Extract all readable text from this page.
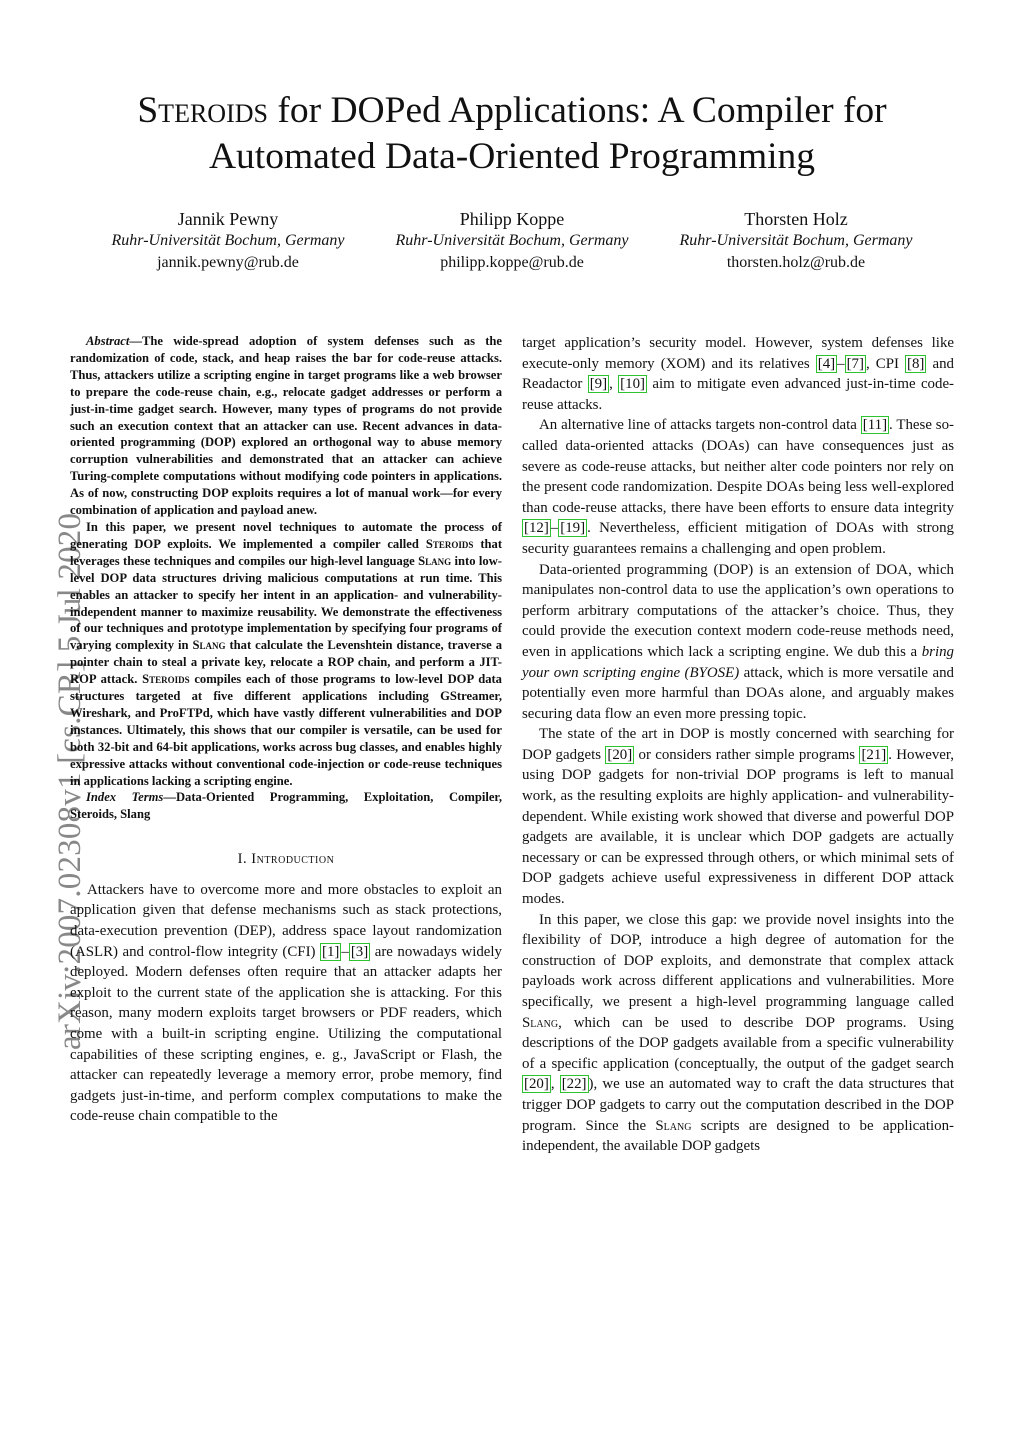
Steroids for DOPed Applications: A Compiler for
Automated Data-Oriented Programming
Jannik Pewny
Ruhr-Universität Bochum, Germany
jannik.pewny@rub.de
Philipp Koppe
Ruhr-Universität Bochum, Germany
philipp.koppe@rub.de
Thorsten Holz
Ruhr-Universität Bochum, Germany
thorsten.holz@rub.de
arXiv:2007.02308v1 [cs.CR] 5 Jul 2020

Abstract—The wide-spread adoption of system defenses such as the randomization of code, stack, and heap raises the bar for code-reuse attacks. Thus, attackers utilize a scripting engine in target programs like a web browser to prepare the code-reuse chain, e.g., relocate gadget addresses or perform a just-in-time gadget search. However, many types of programs do not provide such an execution context that an attacker can use. Recent advances in data-oriented programming (DOP) explored an orthogonal way to abuse memory corruption vulnerabilities and demonstrated that an attacker can achieve Turing-complete computations without modifying code pointers in applications. As of now, constructing DOP exploits requires a lot of manual work—for every combination of application and payload anew.

In this paper, we present novel techniques to automate the process of generating DOP exploits. We implemented a compiler called Steroids that leverages these techniques and compiles our high-level language Slang into low-level DOP data structures driving malicious computations at run time. This enables an attacker to specify her intent in an application- and vulnerability-independent manner to maximize reusability. We demonstrate the effectiveness of our techniques and prototype implementation by specifying four programs of varying complexity in Slang that calculate the Levenshtein distance, traverse a pointer chain to steal a private key, relocate a ROP chain, and perform a JIT-ROP attack. Steroids compiles each of those programs to low-level DOP data structures targeted at five different applications including GStreamer, Wireshark, and ProFTPd, which have vastly different vulnerabilities and DOP instances. Ultimately, this shows that our compiler is versatile, can be used for both 32-bit and 64-bit applications, works across bug classes, and enables highly expressive attacks without conventional code-injection or code-reuse techniques in applications lacking a scripting engine.

Index Terms—Data-Oriented Programming, Exploitation, Compiler, Steroids, Slang

I. Introduction

Attackers have to overcome more and more obstacles to exploit an application given that defense mechanisms such as stack protections, data-execution prevention (DEP), address space layout randomization (ASLR) and control-flow integrity (CFI) [1] – [3] are nowadays widely deployed. Modern defenses often require that an attacker adapts her exploit to the current state of the application she is attacking. For this reason, many modern exploits target browsers or PDF readers, which come with a built-in scripting engine. Utilizing the computational capabilities of these scripting engines, e. g., JavaScript or Flash, the attacker can repeatedly leverage a memory error, probe memory, find gadgets just-in-time, and perform complex computations to make the code-reuse chain compatible to the

target application’s security model. However, system defenses like execute-only memory (XOM) and its relatives [4] – [7] , CPI [8] and Readactor [9] , [10] aim to mitigate even advanced just-in-time code-reuse attacks.

An alternative line of attacks targets non-control data [11] . These so-called data-oriented attacks (DOAs) can have consequences just as severe as code-reuse attacks, but neither alter code pointers nor rely on the present code randomization. Despite DOAs being less well-explored than code-reuse attacks, there have been efforts to ensure data integrity [12] – [19] . Nevertheless, efficient mitigation of DOAs with strong security guarantees remains a challenging and open problem.

Data-oriented programming (DOP) is an extension of DOA, which manipulates non-control data to use the application’s own operations to perform arbitrary computations of the attacker’s choice. Thus, they could provide the execution context modern code-reuse methods need, even in applications which lack a scripting engine. We dub this a bring your own scripting engine (BYOSE) attack, which is more versatile and potentially even more harmful than DOAs alone, and arguably makes securing data flow an even more pressing topic.

The state of the art in DOP is mostly concerned with searching for DOP gadgets [20] or considers rather simple programs [21] . However, using DOP gadgets for non-trivial DOP programs is left to manual work, as the resulting exploits are highly application- and vulnerability-dependent. While existing work showed that diverse and powerful DOP gadgets are available, it is unclear which DOP gadgets are actually necessary or can be expressed through others, or which minimal sets of DOP gadgets achieve useful expressiveness in different DOP attack modes.

In this paper, we close this gap: we provide novel insights into the flexibility of DOP, introduce a high degree of automation for the construction of DOP exploits, and demonstrate that complex attack payloads work across different applications and vulnerabilities. More specifically, we present a high-level programming language called Slang, which can be used to describe DOP programs. Using descriptions of the DOP gadgets available from a specific vulnerability of a specific application (conceptually, the output of the gadget search [20] , [22] ), we use an automated way to craft the data structures that trigger DOP gadgets to carry out the computation described in the DOP program. Since the Slang scripts are designed to be application-independent, the available DOP gadgets
